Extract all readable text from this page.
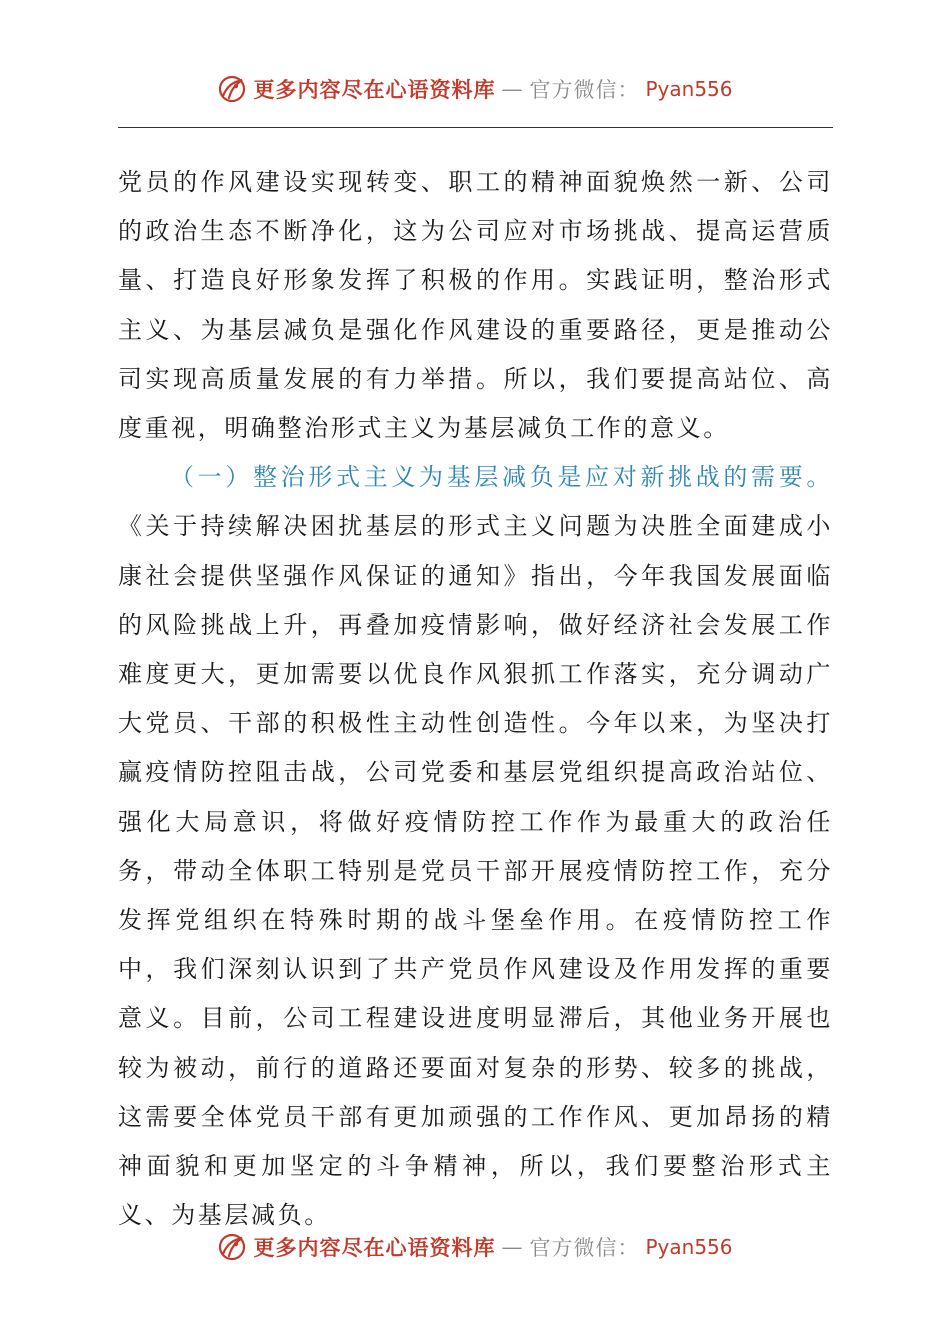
更多内容尽在心语资料库 — 官方微信： Pyan556

党员的作风建设实现转变、职工的精神面貌焕然一新、公司的政治生态不断净化，这为公司应对市场挑战、提高运营质量、打造良好形象发挥了积极的作用。实践证明，整治形式主义、为基层减负是强化作风建设的重要路径，更是推动公司实现高质量发展的有力举措。所以，我们要提高站位、高度重视，明确整治形式主义为基层减负工作的意义。

（一）整治形式主义为基层减负是应对新挑战的需要。《关于持续解决困扰基层的形式主义问题为决胜全面建成小康社会提供坚强作风保证的通知》指出，今年我国发展面临的风险挑战上升，再叠加疫情影响，做好经济社会发展工作难度更大，更加需要以优良作风狠抓工作落实，充分调动广大党员、干部的积极性主动性创造性。今年以来，为坚决打赢疫情防控阻击战，公司党委和基层党组织提高政治站位、强化大局意识，将做好疫情防控工作作为最重大的政治任务，带动全体职工特别是党员干部开展疫情防控工作，充分发挥党组织在特殊时期的战斗堡垒作用。在疫情防控工作中，我们深刻认识到了共产党员作风建设及作用发挥的重要意义。目前，公司工程建设进度明显滞后，其他业务开展也较为被动，前行的道路还要面对复杂的形势、较多的挑战，这需要全体党员干部有更加顽强的工作作风、更加昂扬的精神面貌和更加坚定的斗争精神，所以，我们要整治形式主义、为基层减负。

更多内容尽在心语资料库 — 官方微信： Pyan556
